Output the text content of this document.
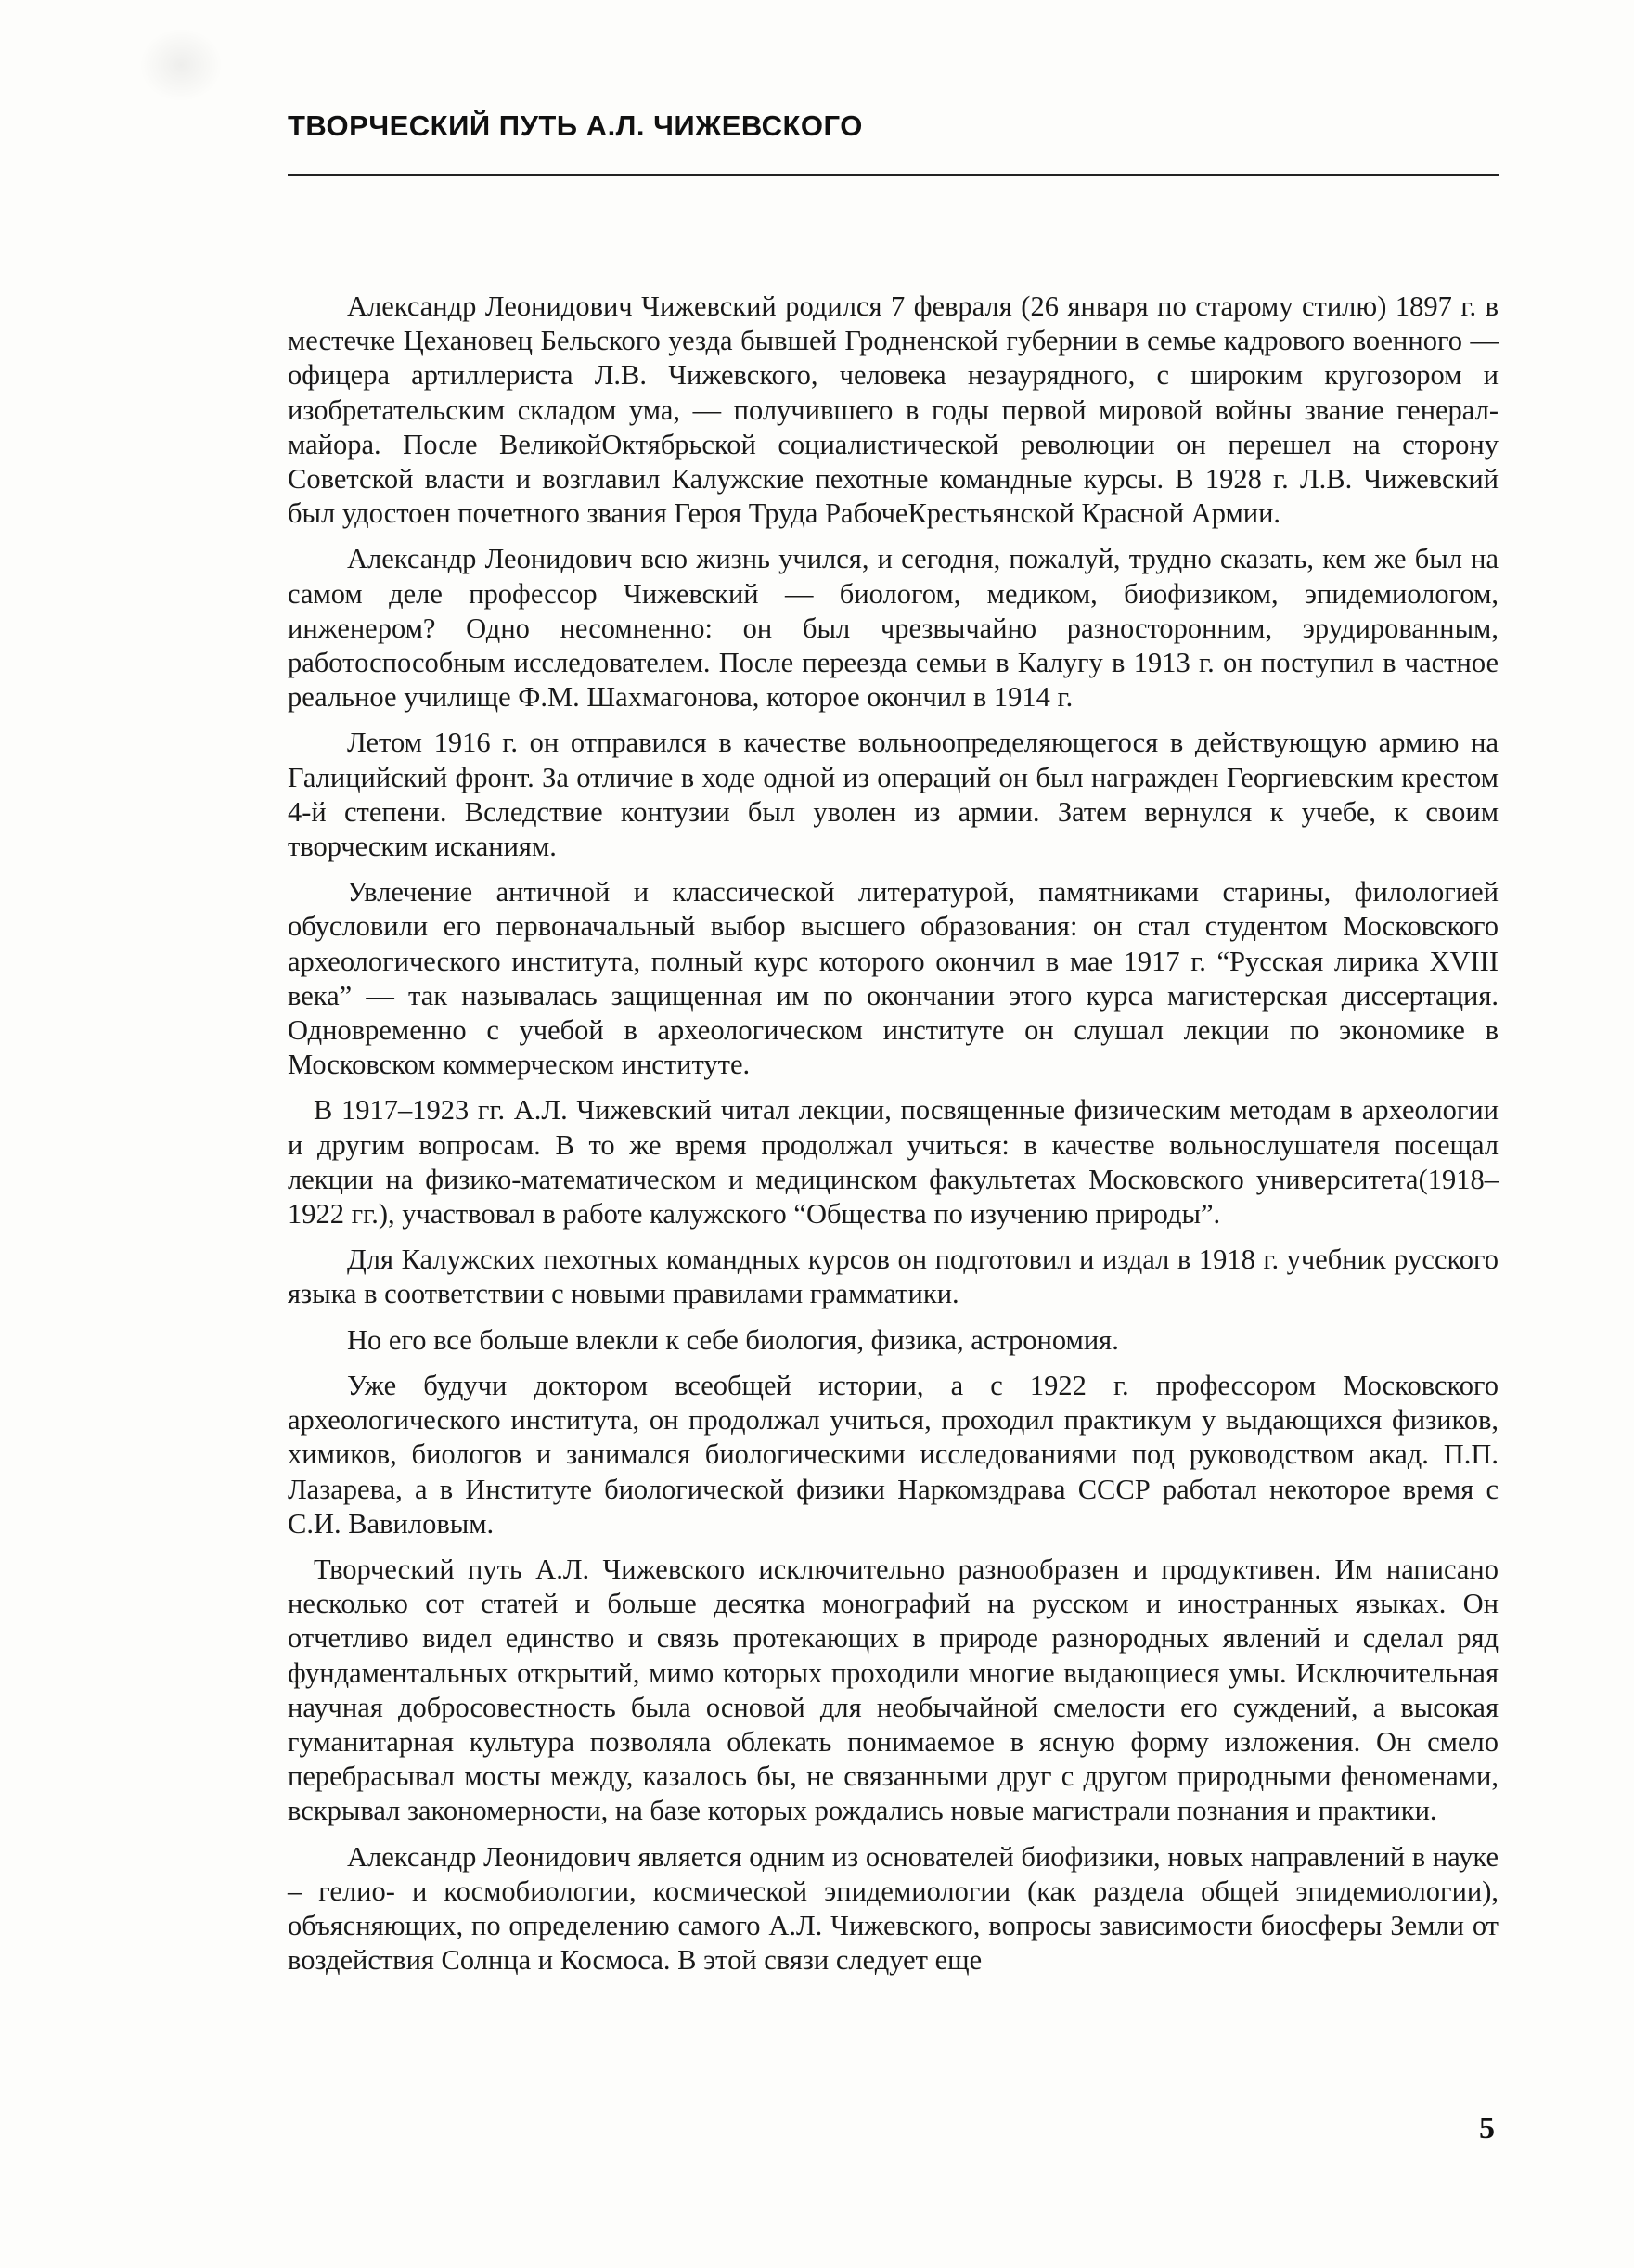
ТВОРЧЕСКИЙ ПУТЬ А.Л. ЧИЖЕВСКОГО

Александр Леонидович Чижевский родился 7 февраля (26 января по старому стилю) 1897 г. в местечке Цехановец Бельского уезда бывшей Гродненской губернии в семье кадрового военного — офицера артиллериста Л.В. Чижевского, человека незаурядного, с широким кругозором и изобретательским складом ума, — получившего в годы первой мировой войны звание генерал-майора. После ВеликойОктябрьской социалистической революции он перешел на сторону Советской власти и возглавил Калужские пехотные командные курсы. В 1928 г. Л.В. Чижевский был удостоен почетного звания Героя Труда РабочеКрестьянской Красной Армии.

Александр Леонидович всю жизнь учился, и сегодня, пожалуй, трудно сказать, кем же был на самом деле профессор Чижевский — биологом, медиком, биофизиком, эпидемиологом, инженером? Одно несомненно: он был чрезвычайно разносторонним, эрудированным, работоспособным исследователем. После переезда семьи в Калугу в 1913 г. он поступил в частное реальное училище Ф.М. Шахмагонова, которое окончил в 1914 г.

Летом 1916 г. он отправился в качестве вольноопределяющегося в действующую армию на Галицийский фронт. За отличие в ходе одной из операций он был награжден Георгиевским крестом 4-й степени. Вследствие контузии был уволен из армии. Затем вернулся к учебе, к своим творческим исканиям.

Увлечение античной и классической литературой, памятниками старины, филологией обусловили его первоначальный выбор высшего образования: он стал студентом Московского археологического института, полный курс которого окончил в мае 1917 г. “Русская лирика XVIII века” — так называлась защищенная им по окончании этого курса магистерская диссертация. Одновременно с учебой в археологическом институте он слушал лекции по экономике в Московском коммерческом институте.

В 1917–1923 гг. А.Л. Чижевский читал лекции, посвященные физическим методам в археологии и другим вопросам. В то же время продолжал учиться: в качестве вольнослушателя посещал лекции на физико-математическом и медицинском факультетах Московского университета(1918–1922 гг.), участвовал в работе калужского “Общества по изучению природы”.

Для Калужских пехотных командных курсов он подготовил и издал в 1918 г. учебник русского языка в соответствии с новыми правилами грамматики.

Но его все больше влекли к себе биология, физика, астрономия.

Уже будучи доктором всеобщей истории, а с 1922 г. профессором Московского археологического института, он продолжал учиться, проходил практикум у выдающихся физиков, химиков, биологов и занимался биологическими исследованиями под руководством акад. П.П. Лазарева, а в Институте биологической физики Наркомздрава СССР работал некоторое время с С.И. Вавиловым.

Творческий путь А.Л. Чижевского исключительно разнообразен и продуктивен. Им написано несколько сот статей и больше десятка монографий на русском и иностранных языках. Он отчетливо видел единство и связь протекающих в природе разнородных явлений и сделал ряд фундаментальных открытий, мимо которых проходили многие выдающиеся умы. Исключительная научная добросовестность была основой для необычайной смелости его суждений, а высокая гуманитарная культура позволяла облекать понимаемое в ясную форму изложения. Он смело перебрасывал мосты между, казалось бы, не связанными друг с другом природными феноменами, вскрывал закономерности, на базе которых рождались новые магистрали познания и практики.

Александр Леонидович является одним из основателей биофизики, новых направлений в науке – гелио- и космобиологии, космической эпидемиологии (как раздела общей эпидемиологии), объясняющих, по определению самого А.Л. Чижевского, вопросы зависимости биосферы Земли от воздействия Солнца и Космоса. В этой связи следует еще

5
